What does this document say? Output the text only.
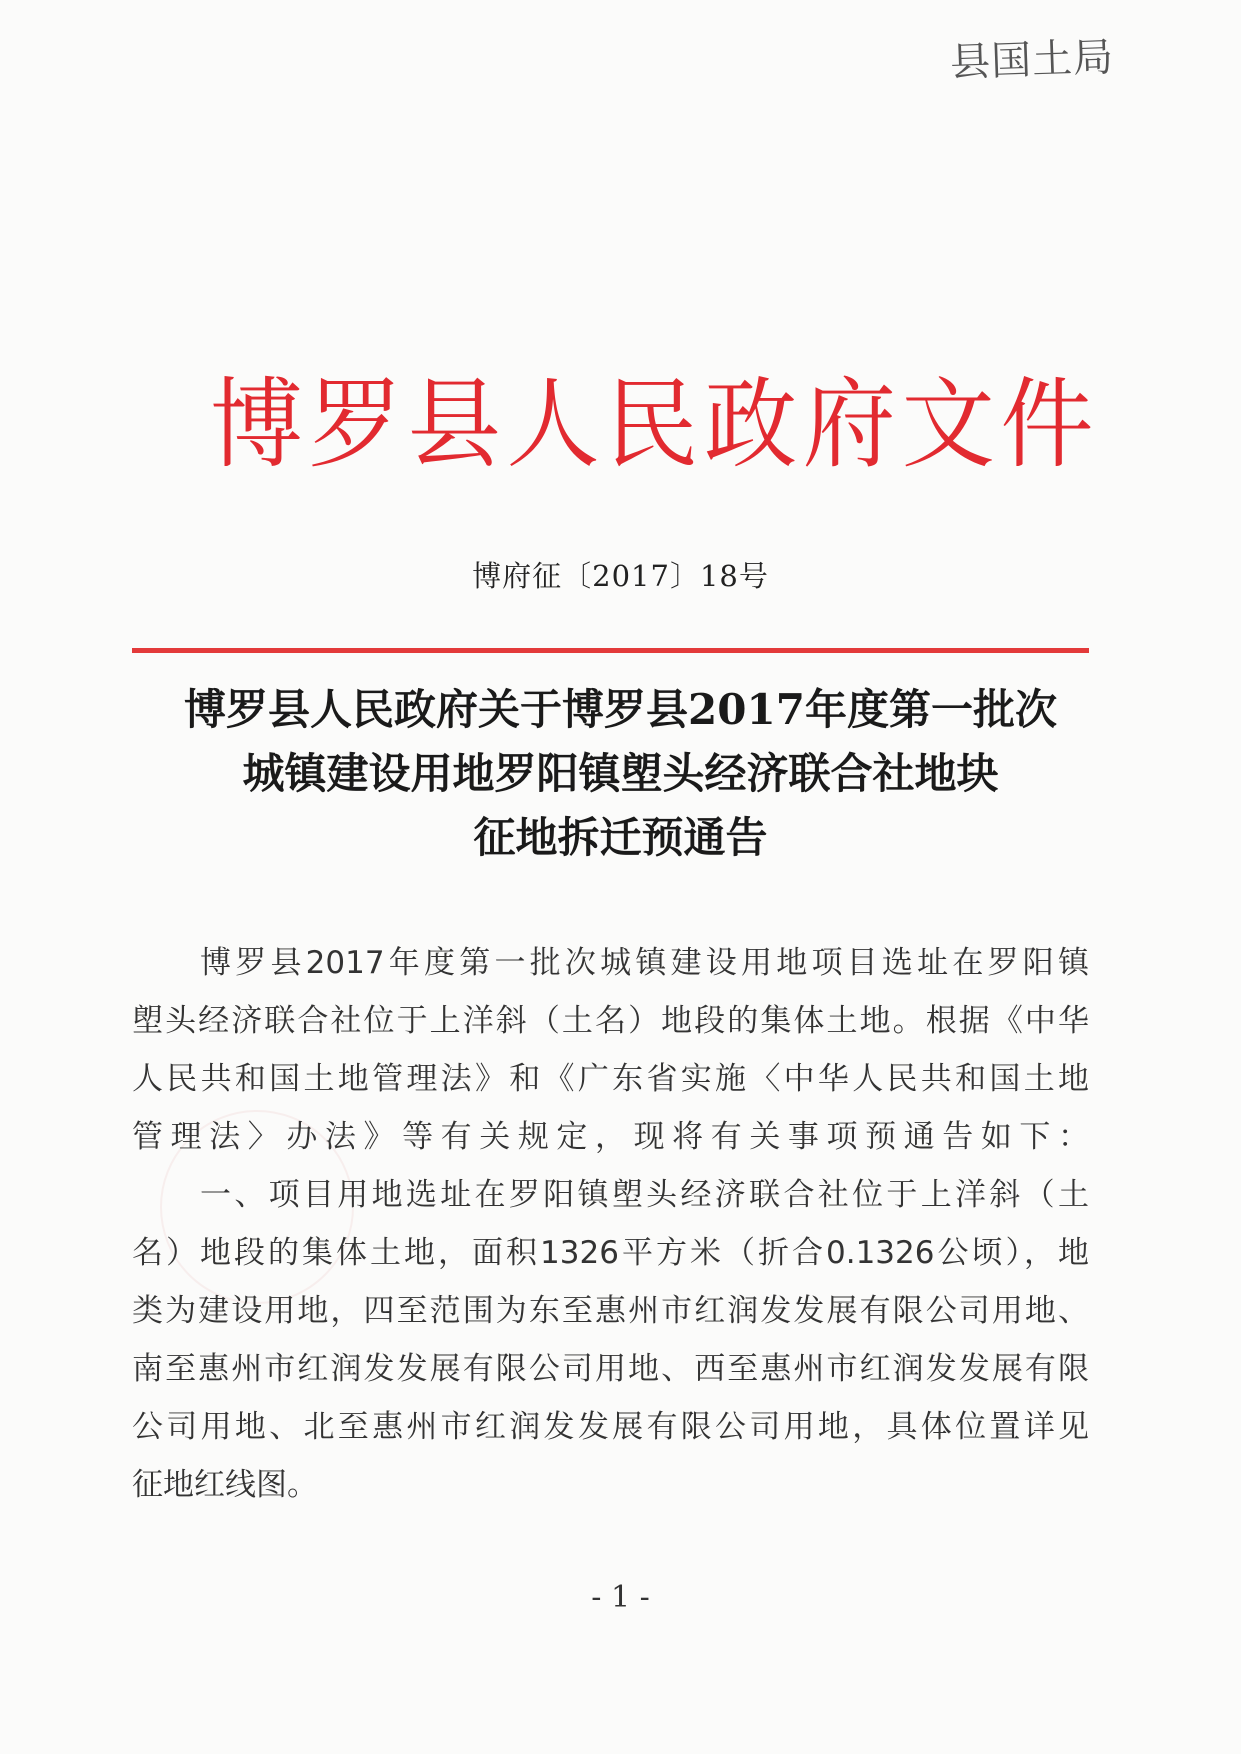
县国土局
博罗县人民政府文件
博府征〔2017〕18号
博罗县人民政府关于博罗县2017年度第一批次
城镇建设用地罗阳镇塱头经济联合社地块
征地拆迁预通告
博罗县2017年度第一批次城镇建设用地项目选址在罗阳镇
塱头经济联合社位于上洋斜（土名）地段的集体土地。根据《中华
人民共和国土地管理法》和《广东省实施〈中华人民共和国土地
管理法〉办法》等有关规定，现将有关事项预通告如下：
一、项目用地选址在罗阳镇塱头经济联合社位于上洋斜（土
名）地段的集体土地，面积1326平方米（折合0.1326公顷），地
类为建设用地，四至范围为东至惠州市红润发发展有限公司用地、
南至惠州市红润发发展有限公司用地、西至惠州市红润发发展有限
公司用地、北至惠州市红润发发展有限公司用地，具体位置详见
征地红线图。
- 1 -
